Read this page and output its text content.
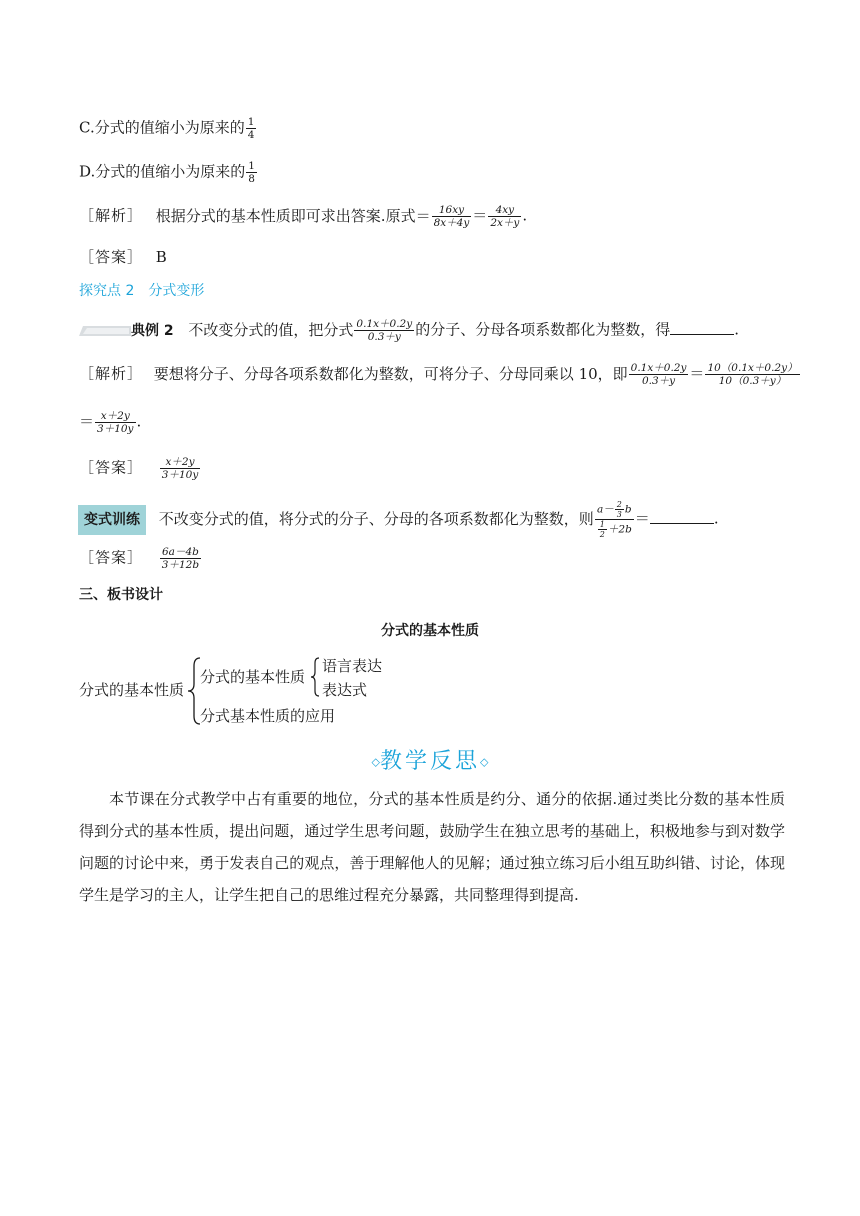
C.分式的值缩小为原来的 $\frac{1}{4}$
D.分式的值缩小为原来的 $\frac{1}{8}$
［解析］ 根据分式的基本性质即可求出答案.原式＝ $\frac{16xy}{8x+4y} = \frac{4xy}{2x+y}$ .
［答案］ B
探究点 2　分式变形
典例 2 不改变分式的值，把分式 $\frac{0.1x+0.2y}{0.3+y}$ 的分子、分母各项系数都化为整数，得	.
［解析］ 要想将分子、分母各项系数都化为整数，可将分子、分母同乘以 10，即 $\frac{0.1x+0.2y}{0.3+y} = \frac{10(0.1x+0.2y)}{10(0.3+y)}$
＝ $\frac{x+2y}{3+10y}$ .
［答案］ $\frac{x+2y}{3+10y}$
变式训练 不改变分式的值，将分式的分子、分母的各项系数都化为整数，则 $\frac{a- \frac{2}{3} b}{\frac{1}{2} +2b}$ ＝	.
［答案］ $\frac{6a-4b}{3+12b}$
三、板书设计
分式的基本性质
分式的基本性质
分式的基本性质
语言表达
表达式
分式基本性质的应用
◇教学反思◇
本节课在分式教学中占有重要的地位，分式的基本性质是约分、通分的依据.通过类比分数的基本性质得到分式的基本性质，提出问题，通过学生思考问题，鼓励学生在独立思考的基础上，积极地参与到对数学问题的讨论中来，勇于发表自己的观点，善于理解他人的见解；通过独立练习后小组互助纠错、讨论，体现学生是学习的主人，让学生把自己的思维过程充分暴露，共同整理得到提高.
